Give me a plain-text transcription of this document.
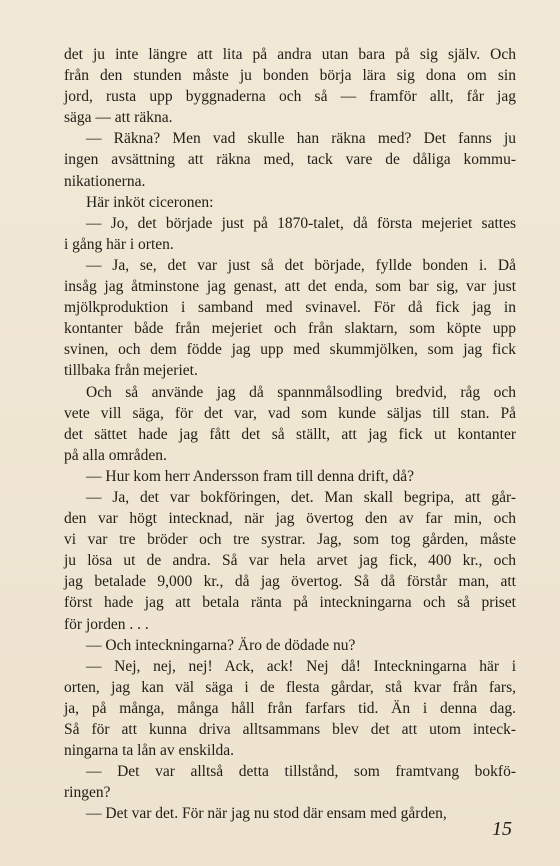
det ju inte längre att lita på andra utan bara på sig själv. Och
från den stunden måste ju bonden börja lära sig dona om sin
jord, rusta upp byggnaderna och så — framför allt, får jag
säga — att räkna.
— Räkna? Men vad skulle han räkna med? Det fanns ju
ingen avsättning att räkna med, tack vare de dåliga kommu-
nikationerna.
Här inköt ciceronen:
— Jo, det började just på 1870-talet, då första mejeriet sattes
i gång här i orten.
— Ja, se, det var just så det började, fyllde bonden i. Då
insåg jag åtminstone jag genast, att det enda, som bar sig, var just
mjölkproduktion i samband med svinavel. För då fick jag in
kontanter både från mejeriet och från slaktarn, som köpte upp
svinen, och dem födde jag upp med skummjölken, som jag fick
tillbaka från mejeriet.
Och så använde jag då spannmålsodling bredvid, råg och
vete vill säga, för det var, vad som kunde säljas till stan. På
det sättet hade jag fått det så ställt, att jag fick ut kontanter
på alla områden.
— Hur kom herr Andersson fram till denna drift, då?
— Ja, det var bokföringen, det. Man skall begripa, att går-
den var högt intecknad, när jag övertog den av far min, och
vi var tre bröder och tre systrar. Jag, som tog gården, måste
ju lösa ut de andra. Så var hela arvet jag fick, 400 kr., och
jag betalade 9,000 kr., då jag övertog. Så då förstår man, att
först hade jag att betala ränta på inteckningarna och så priset
för jorden . . .
— Och inteckningarna? Äro de dödade nu?
— Nej, nej, nej! Ack, ack! Nej då! Inteckningarna här i
orten, jag kan väl säga i de flesta gårdar, stå kvar från fars,
ja, på många, många håll från farfars tid. Än i denna dag.
Så för att kunna driva alltsammans blev det att utom inteck-
ningarna ta lån av enskilda.
— Det var alltså detta tillstånd, som framtvang bokfö-
ringen?
— Det var det. För när jag nu stod där ensam med gården,
15
